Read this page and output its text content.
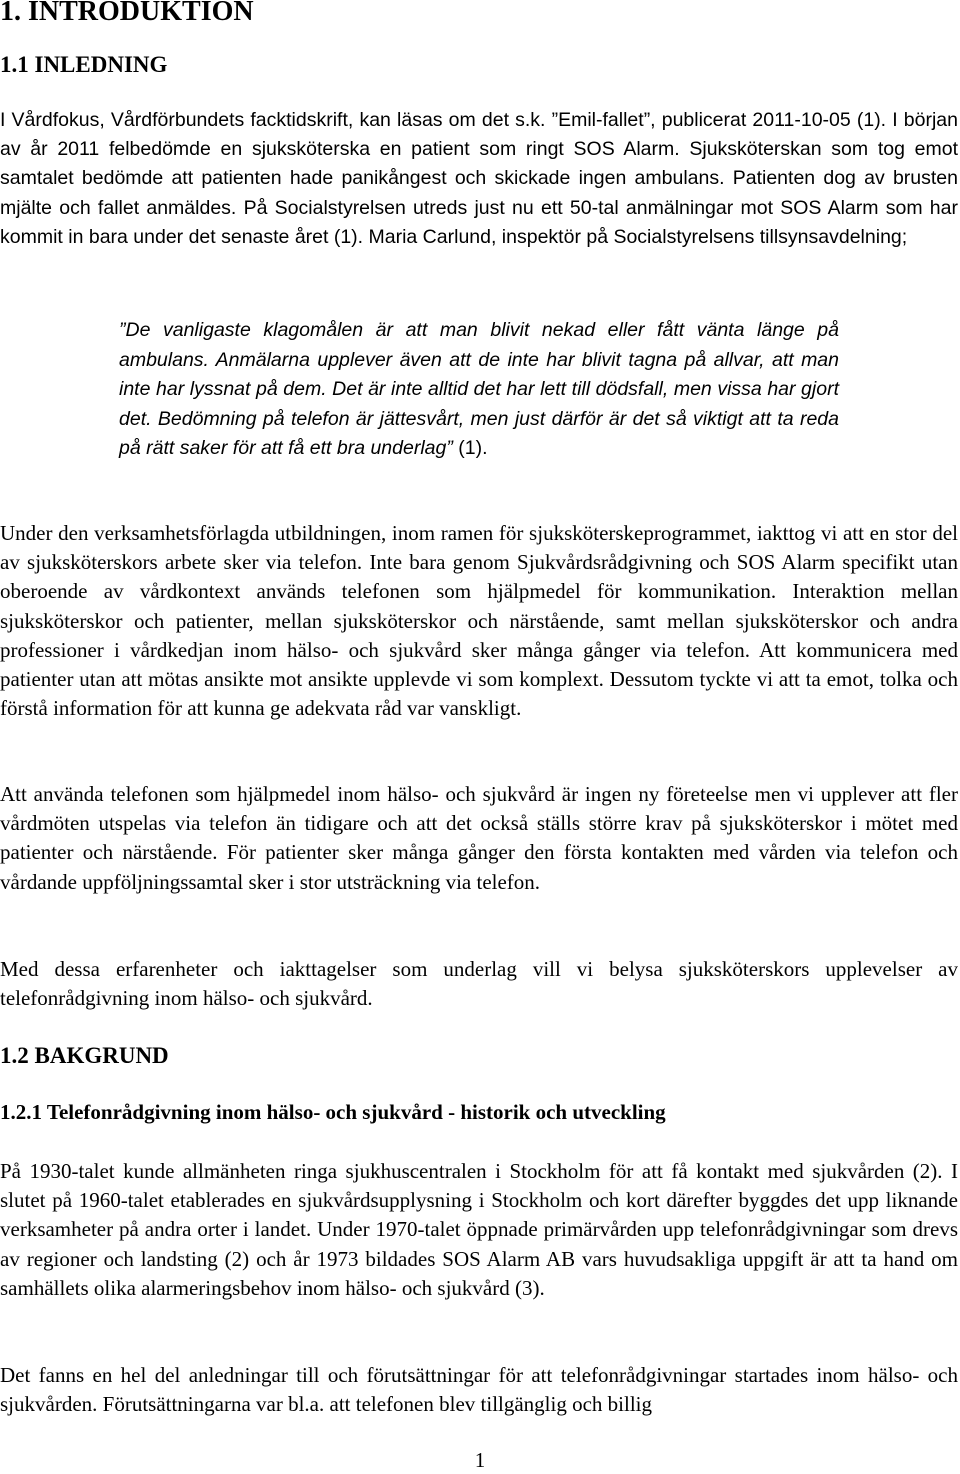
1. INTRODUKTION
1.1 INLEDNING
I Vårdfokus, Vårdförbundets facktidskrift, kan läsas om det s.k. ”Emil-fallet”, publicerat 2011-10-05 (1). I början av år 2011 felbedömde en sjuksköterska en patient som ringt SOS Alarm. Sjuksköterskan som tog emot samtalet bedömde att patienten hade panikångest och skickade ingen ambulans. Patienten dog av brusten mjälte och fallet anmäldes. På Socialstyrelsen utreds just nu ett 50-tal anmälningar mot SOS Alarm som har kommit in bara under det senaste året (1). Maria Carlund, inspektör på Socialstyrelsens tillsynsavdelning;
”De vanligaste klagomålen är att man blivit nekad eller fått vänta länge på ambulans. Anmälarna upplever även att de inte har blivit tagna på allvar, att man inte har lyssnat på dem. Det är inte alltid det har lett till dödsfall, men vissa har gjort det. Bedömning på telefon är jättesvårt, men just därför är det så viktigt att ta reda på rätt saker för att få ett bra underlag” (1).
Under den verksamhetsförlagda utbildningen, inom ramen för sjuksköterskeprogrammet, iakttog vi att en stor del av sjuksköterskors arbete sker via telefon. Inte bara genom Sjukvårdsrådgivning och SOS Alarm specifikt utan oberoende av vårdkontext används telefonen som hjälpmedel för kommunikation. Interaktion mellan sjuksköterskor och patienter, mellan sjuksköterskor och närstående, samt mellan sjuksköterskor och andra professioner i vårdkedjan inom hälso- och sjukvård sker många gånger via telefon. Att kommunicera med patienter utan att mötas ansikte mot ansikte upplevde vi som komplext. Dessutom tyckte vi att ta emot, tolka och förstå information för att kunna ge adekvata råd var vanskligt.
Att använda telefonen som hjälpmedel inom hälso- och sjukvård är ingen ny företeelse men vi upplever att fler vårdmöten utspelas via telefon än tidigare och att det också ställs större krav på sjuksköterskor i mötet med patienter och närstående. För patienter sker många gånger den första kontakten med vården via telefon och vårdande uppföljningssamtal sker i stor utsträckning via telefon.
Med dessa erfarenheter och iakttagelser som underlag vill vi belysa sjuksköterskors upplevelser av telefonrådgivning inom hälso- och sjukvård.
1.2 BAKGRUND
1.2.1 Telefonrådgivning inom hälso- och sjukvård - historik och utveckling
På 1930-talet kunde allmänheten ringa sjukhuscentralen i Stockholm för att få kontakt med sjukvården (2). I slutet på 1960-talet etablerades en sjukvårdsupplysning i Stockholm och kort därefter byggdes det upp liknande verksamheter på andra orter i landet. Under 1970-talet öppnade primärvården upp telefonrådgivningar som drevs av regioner och landsting (2) och år 1973 bildades SOS Alarm AB vars huvudsakliga uppgift är att ta hand om samhällets olika alarmeringsbehov inom hälso- och sjukvård (3).
Det fanns en hel del anledningar till och förutsättningar för att telefonrådgivningar startades inom hälso- och sjukvården. Förutsättningarna var bl.a. att telefonen blev tillgänglig och billig
1
